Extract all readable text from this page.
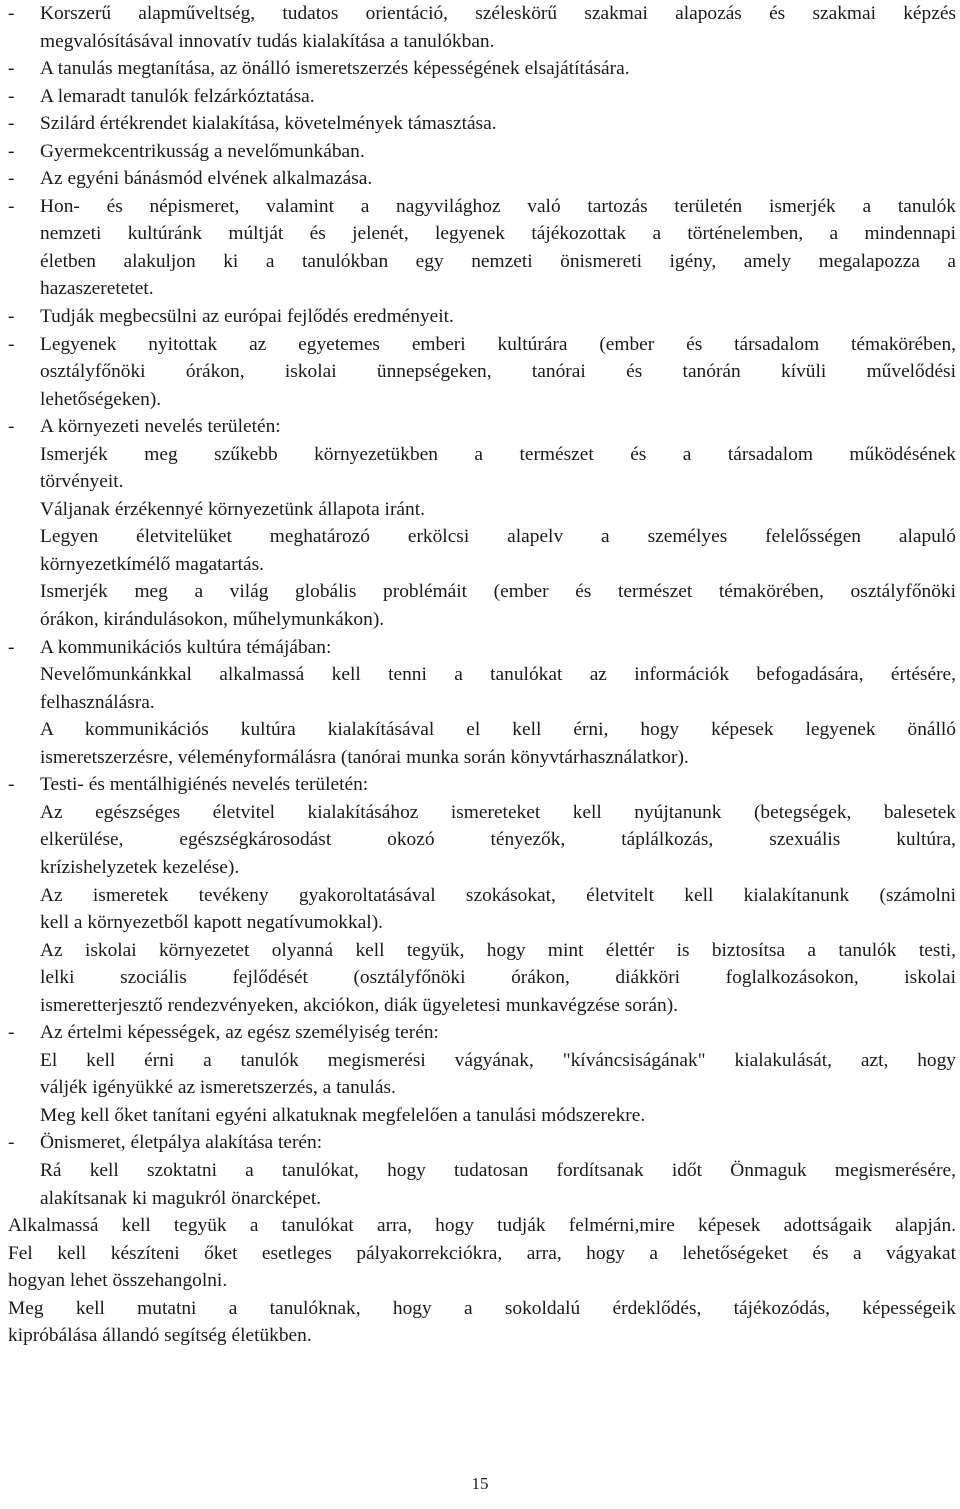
- Korszerű alapműveltség, tudatos orientáció, széleskörű szakmai alapozás és szakmai képzés
megvalósításával innovatív tudás kialakítása a tanulókban.
- A tanulás megtanítása, az önálló ismeretszerzés képességének elsajátítására.
- A lemaradt tanulók felzárkóztatása.
- Szilárd értékrendet kialakítása, követelmények támasztása.
- Gyermekcentrikusság a nevelőmunkában.
- Az egyéni bánásmód elvének alkalmazása.
- Hon- és népismeret, valamint a nagyvilághoz való tartozás területén ismerjék a tanulók
nemzeti kultúránk múltját és jelenét, legyenek tájékozottak a történelemben, a mindennapi
életben alakuljon ki a tanulókban egy nemzeti önismereti igény, amely megalapozza a
hazaszeretetet.
- Tudják megbecsülni az európai fejlődés eredményeit.
- Legyenek nyitottak az egyetemes emberi kultúrára (ember és társadalom témakörében,
osztályfőnöki órákon, iskolai ünnepségeken, tanórai és tanórán kívüli művelődési
lehetőségeken).
- A környezeti nevelés területén:
Ismerjék meg szűkebb környezetükben a természet és a társadalom működésének
törvényeit.
Váljanak érzékennyé környezetünk állapota iránt.
Legyen életvitelüket meghatározó erkölcsi alapelv a személyes felelősségen alapuló
környezetkímélő magatartás.
Ismerjék meg a világ globális problémáit (ember és természet témakörében, osztályfőnöki
órákon, kirándulásokon, műhelymunkákon).
- A kommunikációs kultúra témájában:
Nevelőmunkánkkal alkalmassá kell tenni a tanulókat az információk befogadására, értésére,
felhasználásra.
A kommunikációs kultúra kialakításával el kell érni, hogy képesek legyenek önálló
ismeretszerzésre, véleményformálásra (tanórai munka során könyvtárhasználatkor).
- Testi- és mentálhigiénés nevelés területén:
Az egészséges életvitel kialakításához ismereteket kell nyújtanunk (betegségek, balesetek
elkerülése, egészségkárosodást okozó tényezők, táplálkozás, szexuális kultúra,
krízishelyzetek kezelése).
Az ismeretek tevékeny gyakoroltatásával szokásokat, életvitelt kell kialakítanunk (számolni
kell a környezetből kapott negatívumokkal).
Az iskolai környezetet olyanná kell tegyük, hogy mint élettér is biztosítsa a tanulók testi,
lelki szociális fejlődését (osztályfőnöki órákon, diákköri foglalkozásokon, iskolai
ismeretterjesztő rendezvényeken, akciókon, diák ügyeletesi munkavégzése során).
- Az értelmi képességek, az egész személyiség terén:
El kell érni a tanulók megismerési vágyának, "kíváncsiságának" kialakulását, azt, hogy
váljék igényükké az ismeretszerzés, a tanulás.
Meg kell őket tanítani egyéni alkatuknak megfelelően a tanulási módszerekre.
- Önismeret, életpálya alakítása terén:
Rá kell szoktatni a tanulókat, hogy tudatosan fordítsanak időt Önmaguk megismerésére,
alakítsanak ki magukról önarcképet.
Alkalmassá kell tegyük a tanulókat arra, hogy tudják felmérni,mire képesek adottságaik alapján.
Fel kell készíteni őket esetleges pályakorrekciókra, arra, hogy a lehetőségeket és a vágyakat
hogyan lehet összehangolni.
Meg kell mutatni a tanulóknak, hogy a sokoldalú érdeklődés, tájékozódás, képességeik
kipróbálása állandó segítség életükben.
15
